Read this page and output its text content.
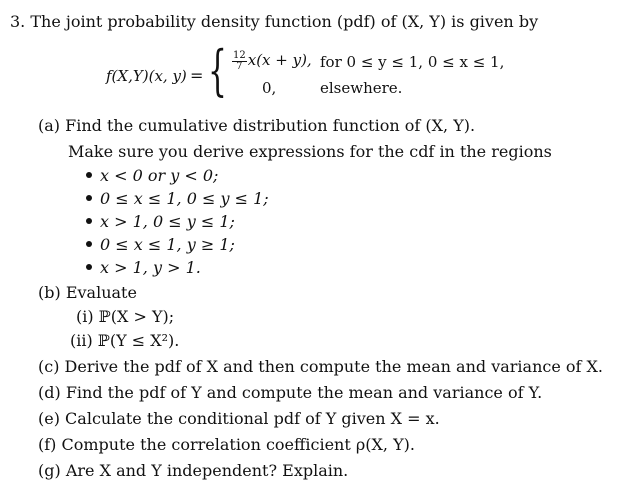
3. The joint probability density function (pdf) of (X, Y) is given by
f(X,Y)(x, y) = { $\frac{12}{7} x(x + y)$, for 0 ≤ y ≤ 1, 0 ≤ x ≤ 1,
0,	elsewhere.
(a) Find the cumulative distribution function of (X, Y).
Make sure you derive expressions for the cdf in the regions
x < 0 or y < 0;
0 ≤ x ≤ 1, 0 ≤ y ≤ 1;
x > 1, 0 ≤ y ≤ 1;
0 ≤ x ≤ 1, y ≥ 1;
x > 1, y > 1.
(b) Evaluate
(i) ℙ(X > Y);
(ii) ℙ(Y ≤ X²).
(c) Derive the pdf of X and then compute the mean and variance of X.
(d) Find the pdf of Y and compute the mean and variance of Y.
(e) Calculate the conditional pdf of Y given X = x.
(f) Compute the correlation coefficient ρ(X, Y).
(g) Are X and Y independent? Explain.
